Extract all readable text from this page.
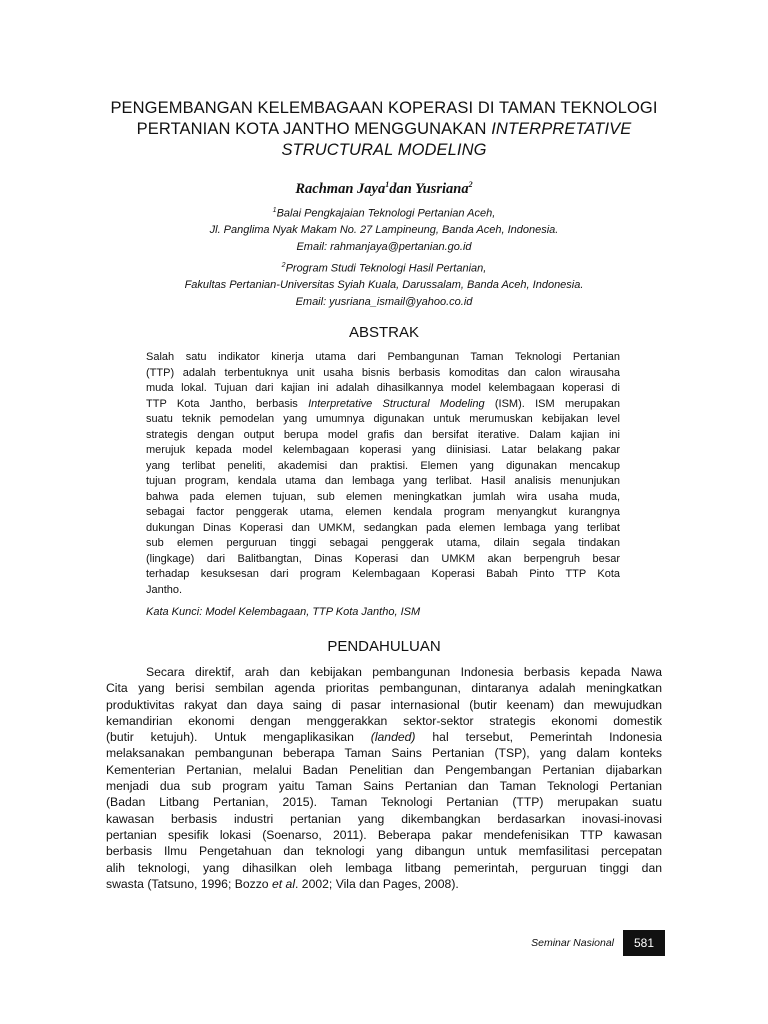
PENGEMBANGAN KELEMBAGAAN KOPERASI DI TAMAN TEKNOLOGI
PERTANIAN KOTA JANTHO MENGGUNAKAN INTERPRETATIVE
STRUCTURAL MODELING
Rachman Jaya$^1$dan Yusriana$^2$
$^1$Balai Pengkajaian Teknologi Pertanian Aceh,
Jl. Panglima Nyak Makam No. 27 Lampineung, Banda Aceh, Indonesia.
Email: rahmanjaya@pertanian.go.id
$^2$Program Studi Teknologi Hasil Pertanian,
Fakultas Pertanian-Universitas Syiah Kuala, Darussalam, Banda Aceh, Indonesia.
Email: yusriana_ismail@yahoo.co.id
ABSTRAK
Salah satu indikator kinerja utama dari Pembangunan Taman Teknologi Pertanian
(TTP) adalah terbentuknya unit usaha bisnis berbasis komoditas dan calon wirausaha
muda lokal. Tujuan dari kajian ini adalah dihasilkannya model kelembagaan koperasi di
TTP Kota Jantho, berbasis Interpretative Structural Modeling (ISM). ISM merupakan
suatu teknik pemodelan yang umumnya digunakan untuk merumuskan kebijakan level
strategis dengan output berupa model grafis dan bersifat iterative. Dalam kajian ini
merujuk kepada model kelembagaan koperasi yang diinisiasi. Latar belakang pakar
yang terlibat peneliti, akademisi dan praktisi. Elemen yang digunakan mencakup
tujuan program, kendala utama dan lembaga yang terlibat. Hasil analisis menunjukan
bahwa pada elemen tujuan, sub elemen meningkatkan jumlah wira usaha muda,
sebagai factor penggerak utama, elemen kendala program menyangkut kurangnya
dukungan Dinas Koperasi dan UMKM, sedangkan pada elemen lembaga yang terlibat
sub elemen perguruan tinggi sebagai penggerak utama, dilain segala tindakan
(lingkage) dari Balitbangtan, Dinas Koperasi dan UMKM akan berpengruh besar
terhadap kesuksesan dari program Kelembagaan Koperasi Babah Pinto TTP Kota
Jantho.
Kata Kunci: Model Kelembagaan, TTP Kota Jantho, ISM
PENDAHULUAN
Secara direktif, arah dan kebijakan pembangunan Indonesia berbasis kepada Nawa
Cita yang berisi sembilan agenda prioritas pembangunan, dintaranya adalah meningkatkan
produktivitas rakyat dan daya saing di pasar internasional (butir keenam) dan mewujudkan
kemandirian ekonomi dengan menggerakkan sektor-sektor strategis ekonomi domestik
(butir ketujuh). Untuk mengaplikasikan (landed) hal tersebut, Pemerintah Indonesia
melaksanakan pembangunan beberapa Taman Sains Pertanian (TSP), yang dalam konteks
Kementerian Pertanian, melalui Badan Penelitian dan Pengembangan Pertanian dijabarkan
menjadi dua sub program yaitu Taman Sains Pertanian dan Taman Teknologi Pertanian
(Badan Litbang Pertanian, 2015). Taman Teknologi Pertanian (TTP) merupakan suatu
kawasan berbasis industri pertanian yang dikembangkan berdasarkan inovasi-inovasi
pertanian spesifik lokasi (Soenarso, 2011). Beberapa pakar mendefenisikan TTP kawasan
berbasis Ilmu Pengetahuan dan teknologi yang dibangun untuk memfasilitasi percepatan
alih teknologi, yang dihasilkan oleh lembaga litbang pemerintah, perguruan tinggi dan
swasta (Tatsuno, 1996; Bozzo et al. 2002; Vila dan Pages, 2008).
Seminar Nasional	581
